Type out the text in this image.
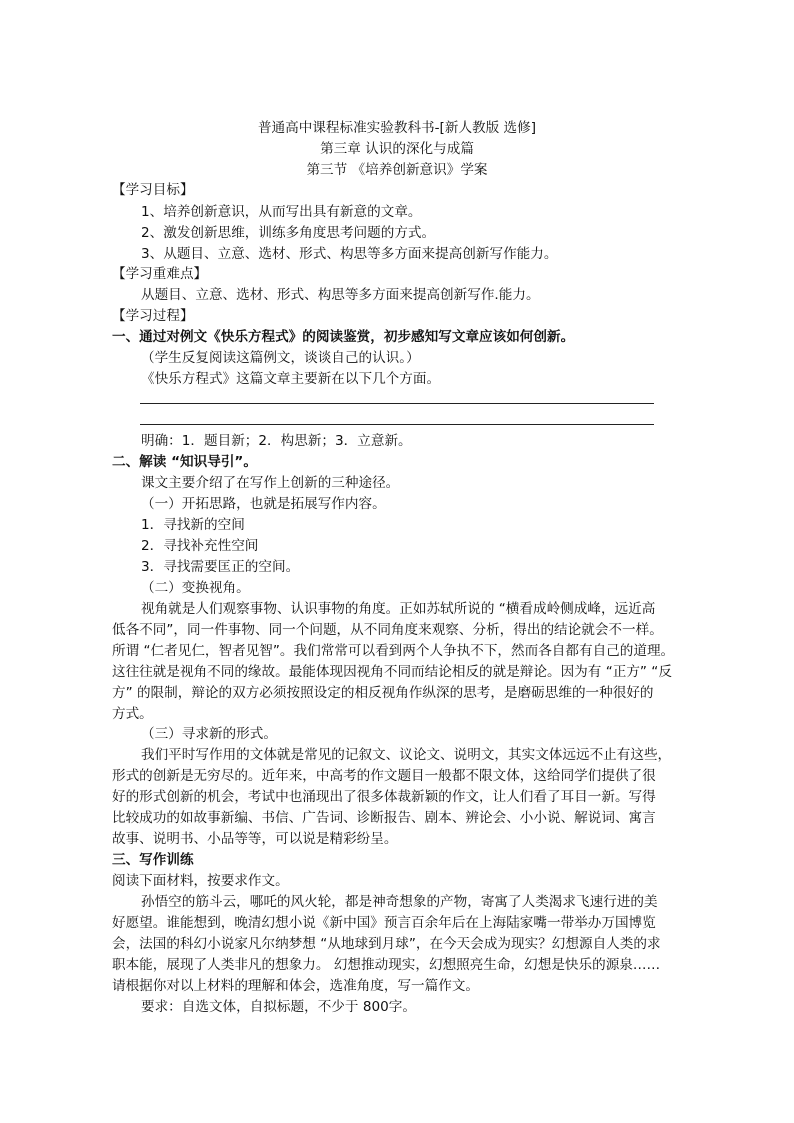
普通高中课程标准实验教科书-[新人教版 选修]
第三章 认识的深化与成篇
第三节 《培养创新意识》学案
【学习目标】
1、培养创新意识，从而写出具有新意的文章。
2、激发创新思维，训练多角度思考问题的方式。
3、从题目、立意、选材、形式、构思等多方面来提高创新写作能力。
【学习重难点】
从题目、立意、选材、形式、构思等多方面来提高创新写作.能力。
【学习过程】
一、通过对例文《快乐方程式》的阅读鉴赏，初步感知写文章应该如何创新。
（学生反复阅读这篇例文，谈谈自己的认识。）
《快乐方程式》这篇文章主要新在以下几个方面。
明确：1．题目新；2．构思新；3．立意新。
二、解读 “知识导引”。
课文主要介绍了在写作上创新的三种途径。
（一）开拓思路，也就是拓展写作内容。
1．寻找新的空间
2．寻找补充性空间
3．寻找需要匡正的空间。
（二）变换视角。
视角就是人们观察事物、认识事物的角度。正如苏轼所说的 “横看成岭侧成峰，远近高
低各不同”，同一件事物、同一个问题，从不同角度来观察、分析，得出的结论就会不一样。
所谓 “仁者见仁，智者见智”。我们常常可以看到两个人争执不下，然而各自都有自己的道理。
这往往就是视角不同的缘故。最能体现因视角不同而结论相反的就是辩论。因为有 “正方” “反
方” 的限制，辩论的双方必须按照设定的相反视角作纵深的思考，是磨砺思维的一种很好的
方式。
（三）寻求新的形式。
我们平时写作用的文体就是常见的记叙文、议论文、说明文，其实文体远远不止有这些，
形式的创新是无穷尽的。近年来，中高考的作文题目一般都不限文体，这给同学们提供了很
好的形式创新的机会，考试中也涌现出了很多体裁新颖的作文，让人们看了耳目一新。写得
比较成功的如故事新编、书信、广告词、诊断报告、剧本、辨论会、小小说、解说词、寓言
故事、说明书、小品等等，可以说是精彩纷呈。
三、写作训练
阅读下面材料，按要求作文。
孙悟空的筋斗云，哪吒的风火轮，都是神奇想象的产物，寄寓了人类渴求飞速行进的美
好愿望。谁能想到，晚清幻想小说《新中国》预言百余年后在上海陆家嘴一带举办万国博览
会，法国的科幻小说家凡尔纳梦想 “从地球到月球”，在今天会成为现实？幻想源自人类的求
职本能，展现了人类非凡的想象力。 幻想推动现实，幻想照亮生命，幻想是快乐的源泉……
请根据你对以上材料的理解和体会，选准角度，写一篇作文。
要求：自选文体，自拟标题，不少于 800字。
